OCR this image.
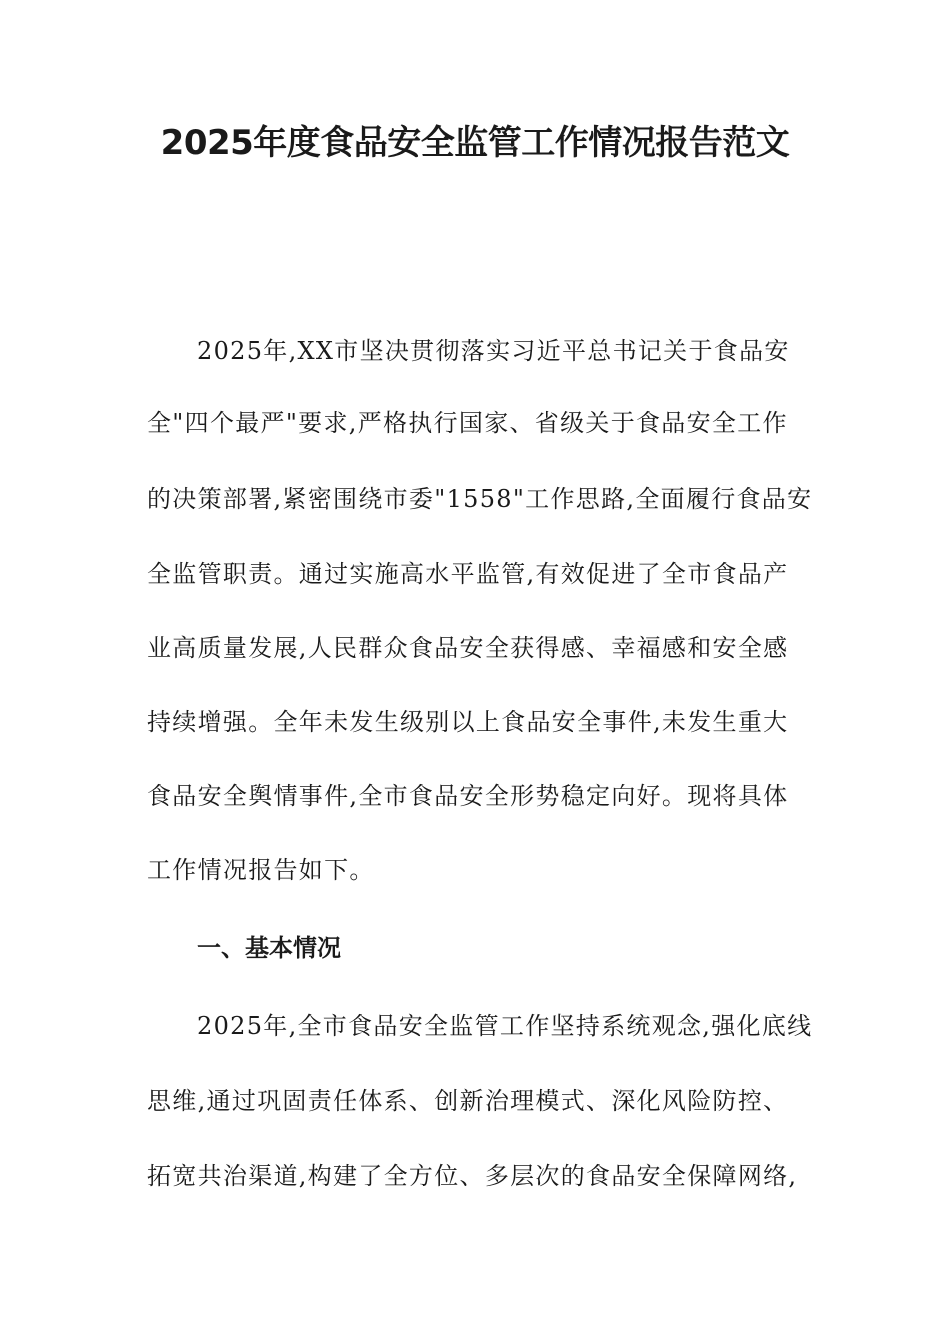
2025年度食品安全监管工作情况报告范文

2025年,XX市坚决贯彻落实习近平总书记关于食品安

全"四个最严"要求,严格执行国家、省级关于食品安全工作

的决策部署,紧密围绕市委"1558"工作思路,全面履行食品安

全监管职责。通过实施高水平监管,有效促进了全市食品产

业高质量发展,人民群众食品安全获得感、幸福感和安全感

持续增强。全年未发生级别以上食品安全事件,未发生重大

食品安全舆情事件,全市食品安全形势稳定向好。现将具体

工作情况报告如下。

一、基本情况

2025年,全市食品安全监管工作坚持系统观念,强化底线

思维,通过巩固责任体系、创新治理模式、深化风险防控、

拓宽共治渠道,构建了全方位、多层次的食品安全保障网络,
